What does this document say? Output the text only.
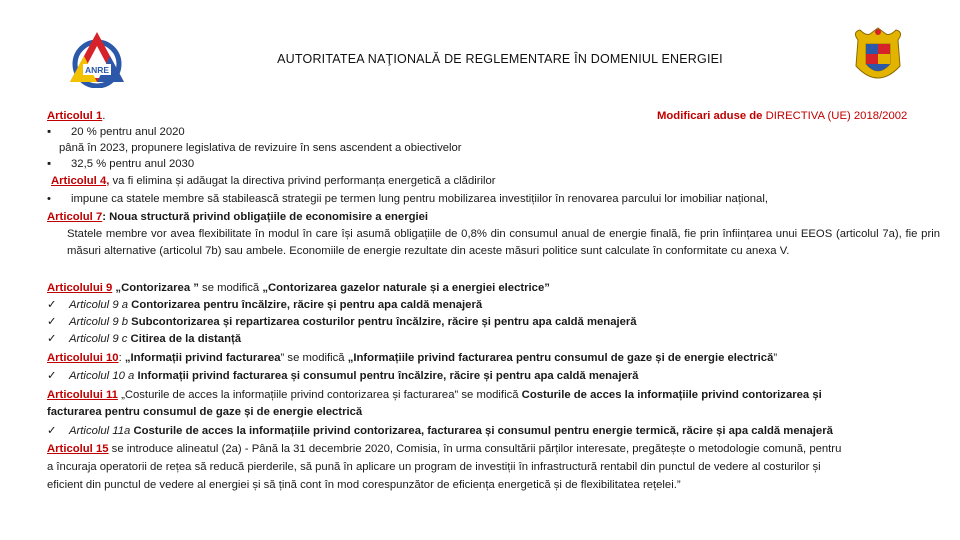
ANRE
AUTORITATEA NAŢIONALĂ DE REGLEMENTARE ÎN DOMENIUL ENERGIEI
Articolul 1.	Modificari aduse de DIRECTIVA (UE) 2018/2002
▪ 20 % pentru anul 2020
până în 2023, propunere legislativa de revizuire în sens ascendent a obiectivelor
▪ 32,5 % pentru anul 2030
Articolul 4, va fi elimina și adăugat la directiva privind performanța energetică a clădirilor
• impune ca statele membre să stabilească strategii pe termen lung pentru mobilizarea investițiilor în renovarea parcului lor imobiliar național,
Articolul 7: Noua structură privind obligațiile de economisire a energiei
Statele membre vor avea flexibilitate în modul în care își asumă obligațiile de 0,8% din consumul anual de energie finală, fie prin înființarea unui EEOS (articolul 7a), fie prin măsuri alternative (articolul 7b) sau ambele. Economiile de energie rezultate din aceste măsuri politice sunt calculate în conformitate cu anexa V.
Articolului 9 „Contorizarea ” se modifică „Contorizarea gazelor naturale și a energiei electrice”
✓ Articolul 9 a Contorizarea pentru încălzire, răcire și pentru apa caldă menajeră
✓ Articolul 9 b Subcontorizarea și repartizarea costurilor pentru încălzire, răcire și pentru apa caldă menajeră
✓ Articolul 9 c Citirea de la distanță
Articolului 10: „Informații privind facturarea” se modifică „Informațiile privind facturarea pentru consumul de gaze și de energie electrică”
✓ Articolul 10 a Informații privind facturarea și consumul pentru încălzire, răcire și pentru apa caldă menajeră
Articolului 11 „Costurile de acces la informațiile privind contorizarea și facturarea” se modifică Costurile de acces la informațiile privind contorizarea și
facturarea pentru consumul de gaze și de energie electrică
✓ Articolul 11a Costurile de acces la informațiile privind contorizarea, facturarea și consumul pentru energie termică, răcire și apa caldă menajeră
Articolul 15 se introduce alineatul (2a) - Până la 31 decembrie 2020, Comisia, în urma consultării părților interesate, pregătește o metodologie comună, pentru
a încuraja operatorii de rețea să reducă pierderile, să pună în aplicare un program de investiții în infrastructură rentabil din punctul de vedere al costurilor și
eficient din punctul de vedere al energiei și să țină cont în mod corespunzător de eficiența energetică și de flexibilitatea rețelei.”
